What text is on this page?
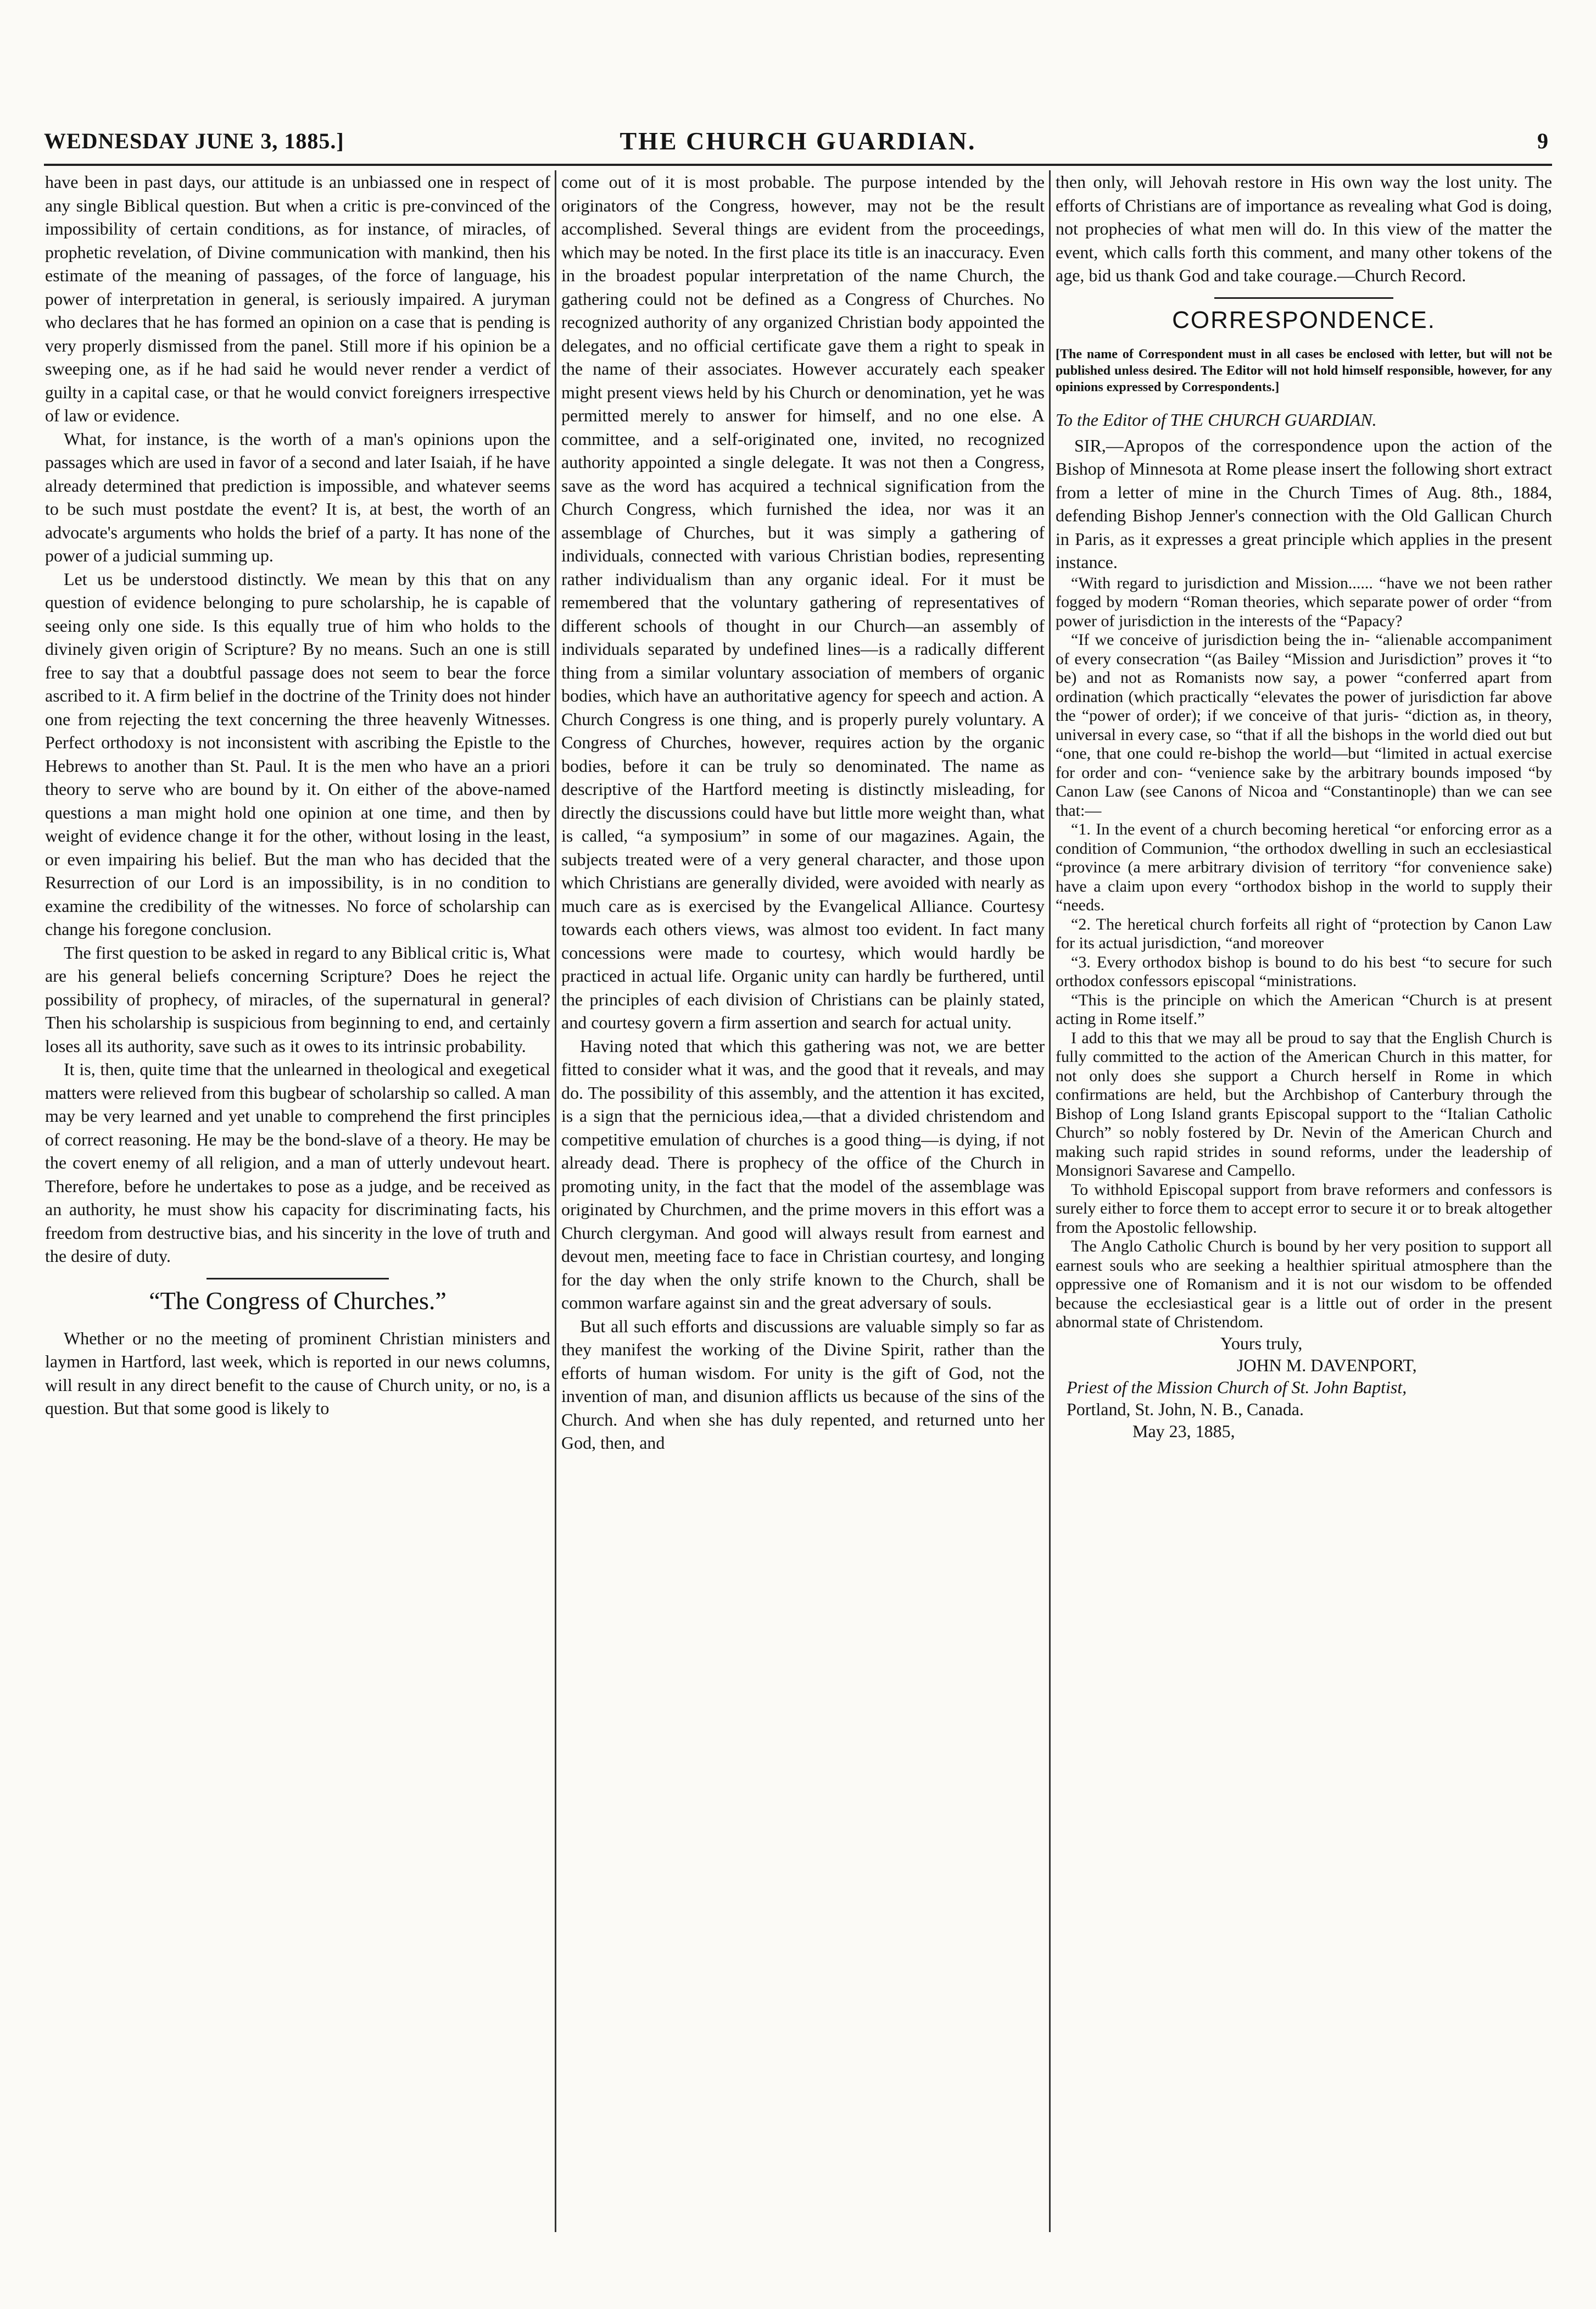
WEDNESDAY JUNE 3, 1885.]	THE CHURCH GUARDIAN.	9

have been in past days, our attitude is an unbiassed one in respect of any single Biblical question. But when a critic is pre-convinced of the impossibility of certain conditions, as for instance, of miracles, of prophetic revelation, of Divine communication with mankind, then his estimate of the meaning of passages, of the force of language, his power of interpretation in general, is seriously impaired. A juryman who declares that he has formed an opinion on a case that is pending is very properly dismissed from the panel. Still more if his opinion be a sweeping one, as if he had said he would never render a verdict of guilty in a capital case, or that he would convict foreigners irrespective of law or evidence.

What, for instance, is the worth of a man's opinions upon the passages which are used in favor of a second and later Isaiah, if he have already determined that prediction is impossible, and whatever seems to be such must postdate the event? It is, at best, the worth of an advocate's arguments who holds the brief of a party. It has none of the power of a judicial summing up.

Let us be understood distinctly. We mean by this that on any question of evidence belonging to pure scholarship, he is capable of seeing only one side. Is this equally true of him who holds to the divinely given origin of Scripture? By no means. Such an one is still free to say that a doubtful passage does not seem to bear the force ascribed to it. A firm belief in the doctrine of the Trinity does not hinder one from rejecting the text concerning the three heavenly Witnesses. Perfect orthodoxy is not inconsistent with ascribing the Epistle to the Hebrews to another than St. Paul. It is the men who have an a priori theory to serve who are bound by it. On either of the above-named questions a man might hold one opinion at one time, and then by weight of evidence change it for the other, without losing in the least, or even impairing his belief. But the man who has decided that the Resurrection of our Lord is an impossibility, is in no condition to examine the credibility of the witnesses. No force of scholarship can change his foregone conclusion.

The first question to be asked in regard to any Biblical critic is, What are his general beliefs concerning Scripture? Does he reject the possibility of prophecy, of miracles, of the supernatural in general? Then his scholarship is suspicious from beginning to end, and certainly loses all its authority, save such as it owes to its intrinsic probability.

It is, then, quite time that the unlearned in theological and exegetical matters were relieved from this bugbear of scholarship so called. A man may be very learned and yet unable to comprehend the first principles of correct reasoning. He may be the bond-slave of a theory. He may be the covert enemy of all religion, and a man of utterly undevout heart. Therefore, before he undertakes to pose as a judge, and be received as an authority, he must show his capacity for discriminating facts, his freedom from destructive bias, and his sincerity in the love of truth and the desire of duty.

“The Congress of Churches.”

Whether or no the meeting of prominent Christian ministers and laymen in Hartford, last week, which is reported in our news columns, will result in any direct benefit to the cause of Church unity, or no, is a question. But that some good is likely to

come out of it is most probable. The purpose intended by the originators of the Congress, however, may not be the result accomplished. Several things are evident from the proceedings, which may be noted. In the first place its title is an inaccuracy. Even in the broadest popular interpretation of the name Church, the gathering could not be defined as a Congress of Churches. No recognized authority of any organized Christian body appointed the delegates, and no official certificate gave them a right to speak in the name of their associates. However accurately each speaker might present views held by his Church or denomination, yet he was permitted merely to answer for himself, and no one else. A committee, and a self-originated one, invited, no recognized authority appointed a single delegate. It was not then a Congress, save as the word has acquired a technical signification from the Church Congress, which furnished the idea, nor was it an assemblage of Churches, but it was simply a gathering of individuals, connected with various Christian bodies, representing rather individualism than any organic ideal. For it must be remembered that the voluntary gathering of representatives of different schools of thought in our Church—an assembly of individuals separated by undefined lines—is a radically different thing from a similar voluntary association of members of organic bodies, which have an authoritative agency for speech and action. A Church Congress is one thing, and is properly purely voluntary. A Congress of Churches, however, requires action by the organic bodies, before it can be truly so denominated. The name as descriptive of the Hartford meeting is distinctly misleading, for directly the discussions could have but little more weight than, what is called, “a symposium” in some of our magazines. Again, the subjects treated were of a very general character, and those upon which Christians are generally divided, were avoided with nearly as much care as is exercised by the Evangelical Alliance. Courtesy towards each others views, was almost too evident. In fact many concessions were made to courtesy, which would hardly be practiced in actual life. Organic unity can hardly be furthered, until the principles of each division of Christians can be plainly stated, and courtesy govern a firm assertion and search for actual unity.

Having noted that which this gathering was not, we are better fitted to consider what it was, and the good that it reveals, and may do. The possibility of this assembly, and the attention it has excited, is a sign that the pernicious idea,—that a divided christendom and competitive emulation of churches is a good thing—is dying, if not already dead. There is prophecy of the office of the Church in promoting unity, in the fact that the model of the assemblage was originated by Churchmen, and the prime movers in this effort was a Church clergyman. And good will always result from earnest and devout men, meeting face to face in Christian courtesy, and longing for the day when the only strife known to the Church, shall be common warfare against sin and the great adversary of souls.

But all such efforts and discussions are valuable simply so far as they manifest the working of the Divine Spirit, rather than the efforts of human wisdom. For unity is the gift of God, not the invention of man, and disunion afflicts us because of the sins of the Church. And when she has duly repented, and returned unto her God, then, and

then only, will Jehovah restore in His own way the lost unity. The efforts of Christians are of importance as revealing what God is doing, not prophecies of what men will do. In this view of the matter the event, which calls forth this comment, and many other tokens of the age, bid us thank God and take courage.—Church Record.

CORRESPONDENCE.
[The name of Correspondent must in all cases be enclosed with letter, but will not be published unless desired. The Editor will not hold himself responsible, however, for any opinions expressed by Correspondents.]
To the Editor of THE CHURCH GUARDIAN.

SIR,—Apropos of the correspondence upon the action of the Bishop of Minnesota at Rome please insert the following short extract from a letter of mine in the Church Times of Aug. 8th., 1884, defending Bishop Jenner's connection with the Old Gallican Church in Paris, as it expresses a great principle which applies in the present instance.

“With regard to jurisdiction and Mission...... “have we not been rather fogged by modern “Roman theories, which separate power of order “from power of jurisdiction in the interests of the “Papacy?

“If we conceive of jurisdiction being the in- “alienable accompaniment of every consecration “(as Bailey “Mission and Jurisdiction” proves it “to be) and not as Romanists now say, a power “conferred apart from ordination (which practically “elevates the power of jurisdiction far above the “power of order); if we conceive of that juris- “diction as, in theory, universal in every case, so “that if all the bishops in the world died out but “one, that one could re-bishop the world—but “limited in actual exercise for order and con- “venience sake by the arbitrary bounds imposed “by Canon Law (see Canons of Nicoa and “Constantinople) than we can see that:—

“1. In the event of a church becoming heretical “or enforcing error as a condition of Communion, “the orthodox dwelling in such an ecclesiastical “province (a mere arbitrary division of territory “for convenience sake) have a claim upon every “orthodox bishop in the world to supply their “needs.

“2. The heretical church forfeits all right of “protection by Canon Law for its actual jurisdiction, “and moreover

“3. Every orthodox bishop is bound to do his best “to secure for such orthodox confessors episcopal “ministrations.

“This is the principle on which the American “Church is at present acting in Rome itself.”

I add to this that we may all be proud to say that the English Church is fully committed to the action of the American Church in this matter, for not only does she support a Church herself in Rome in which confirmations are held, but the Archbishop of Canterbury through the Bishop of Long Island grants Episcopal support to the “Italian Catholic Church” so nobly fostered by Dr. Nevin of the American Church and making such rapid strides in sound reforms, under the leadership of Monsignori Savarese and Campello.

To withhold Episcopal support from brave reformers and confessors is surely either to force them to accept error to secure it or to break altogether from the Apostolic fellowship.

The Anglo Catholic Church is bound by her very position to support all earnest souls who are seeking a healthier spiritual atmosphere than the oppressive one of Romanism and it is not our wisdom to be offended because the ecclesiastical gear is a little out of order in the present abnormal state of Christendom.

Yours truly,
JOHN M. DAVENPORT,
Priest of the Mission Church of St. John Baptist,
Portland, St. John, N. B., Canada.
May 23, 1885,
